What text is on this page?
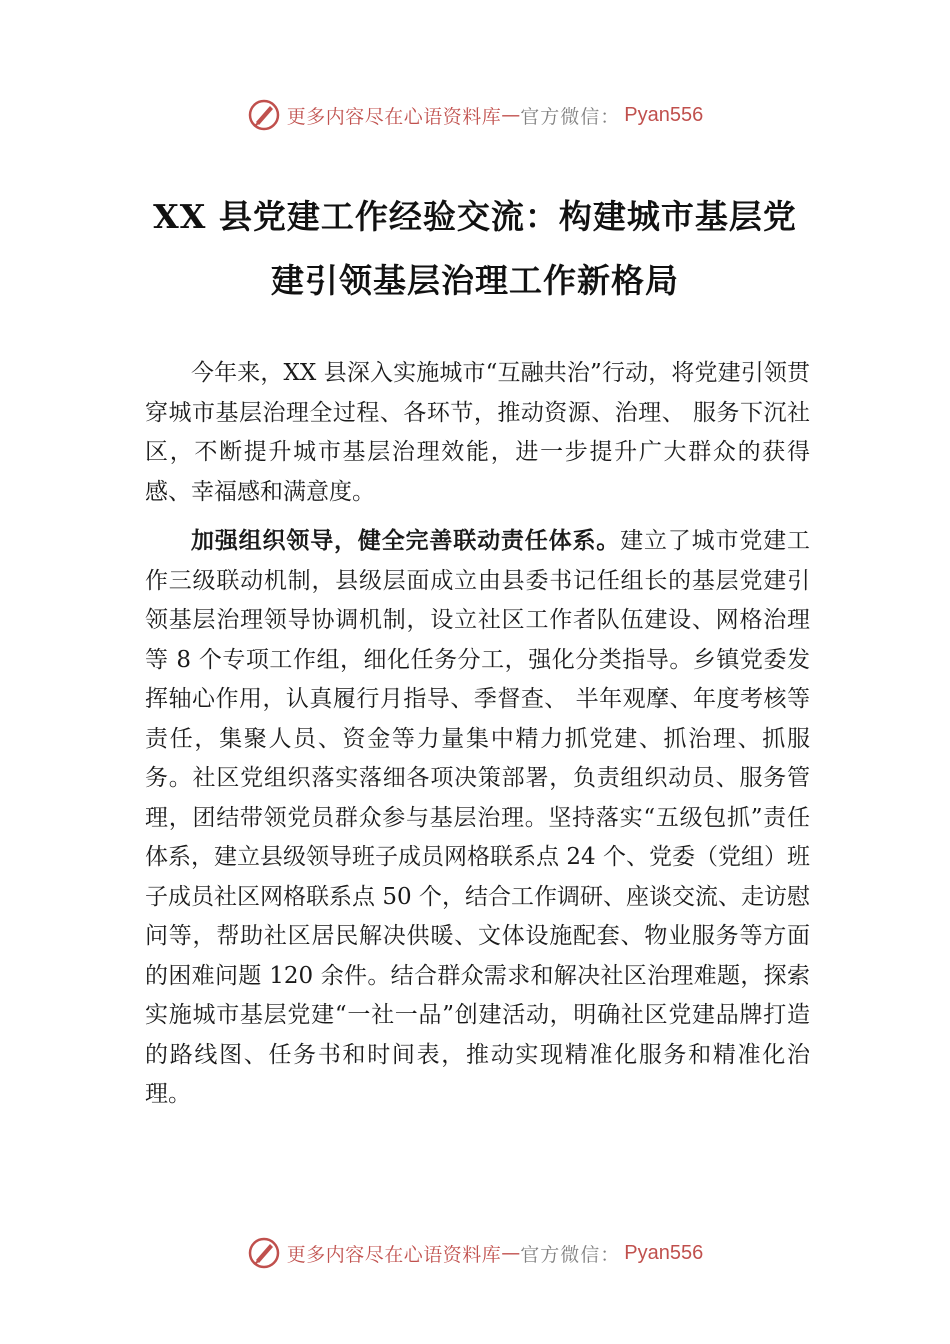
更多内容尽在心语资料库 — 官方微信： Pyan556
XX 县党建工作经验交流：构建城市基层党
建引领基层治理工作新格局

今年来，XX 县深入实施城市“互融共治”行动，将党建引领贯穿城市基层治理全过程、各环节，推动资源、治理、 服务下沉社区，不断提升城市基层治理效能，进一步提升广大群众的获得感、幸福感和满意度。

加强组织领导，健全完善联动责任体系。建立了城市党建工作三级联动机制，县级层面成立由县委书记任组长的基层党建引领基层治理领导协调机制，设立社区工作者队伍建设、网格治理等 8 个专项工作组，细化任务分工，强化分类指导。乡镇党委发挥轴心作用，认真履行月指导、季督查、 半年观摩、年度考核等责任，集聚人员、资金等力量集中精力抓党建、抓治理、抓服务。社区党组织落实落细各项决策部署，负责组织动员、服务管理，团结带领党员群众参与基层治理。坚持落实“五级包抓”责任体系，建立县级领导班子成员网格联系点 24 个、党委（党组）班子成员社区网格联系点 50 个，结合工作调研、座谈交流、走访慰问等，帮助社区居民解决供暖、文体设施配套、物业服务等方面的困难问题 120 余件。结合群众需求和解决社区治理难题，探索实施城市基层党建“一社一品”创建活动，明确社区党建品牌打造的路线图、任务书和时间表，推动实现精准化服务和精准化治理。

更多内容尽在心语资料库 — 官方微信： Pyan556
